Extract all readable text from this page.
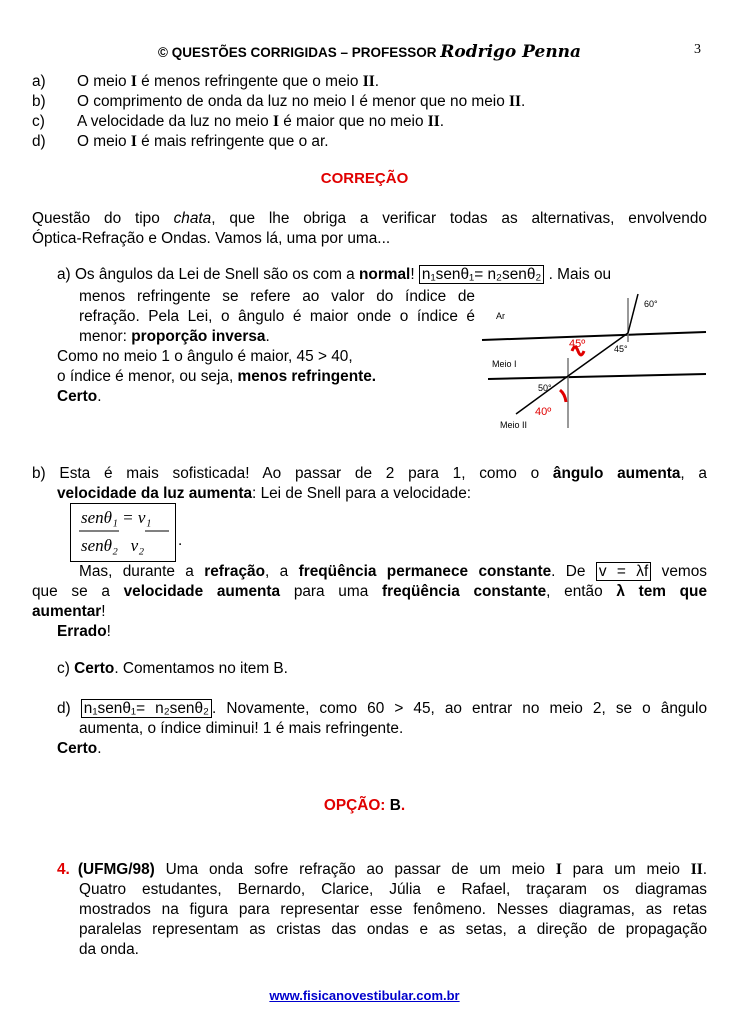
© QUESTÕES CORRIGIDAS – PROFESSOR Rodrigo Penna	3
a) O meio I é menos refringente que o meio II.
b) O comprimento de onda da luz no meio I é menor que no meio II.
c) A velocidade da luz no meio I é maior que no meio II.
d) O meio I é mais refringente que o ar.
CORREÇÃO
Questão do tipo chata, que lhe obriga a verificar todas as alternativas, envolvendo
Óptica-Refração e Ondas. Vamos lá, uma por uma...
a) Os ângulos da Lei de Snell são os com a normal! n₁senθ₁= n₂senθ₂ . Mais ou
menos refringente se refere ao valor do índice de
refração. Pela Lei, o ângulo é maior onde o índice é
menor: proporção inversa.
Como no meio 1 o ângulo é maior, 45 > 40,
o índice é menor, ou seja, menos refringente.
Certo.
Ar
Meio I
Meio II
60°
45°
45º
50°
40º
b) Esta é mais sofisticada! Ao passar de 2 para 1, como o ângulo aumenta, a
velocidade da luz aumenta: Lei de Snell para a velocidade:
senθ₁ = v₁
senθ₂   v₂ .
Mas, durante a refração, a freqüência permanece constante. De v = λf vemos
que se a velocidade aumenta para uma freqüência constante, então λ tem que
aumentar!
Errado!
c) Certo. Comentamos no item B.
d) n₁senθ₁= n₂senθ₂ . Novamente, como 60 > 45, ao entrar no meio 2, se o ângulo
aumenta, o índice diminui! 1 é mais refringente.
Certo.
OPÇÃO: B.
4. (UFMG/98) Uma onda sofre refração ao passar de um meio I para um meio II.
Quatro estudantes, Bernardo, Clarice, Júlia e Rafael, traçaram os diagramas
mostrados na figura para representar esse fenômeno. Nesses diagramas, as retas
paralelas representam as cristas das ondas e as setas, a direção de propagação
da onda.
www.fisicanovestibular.com.br
